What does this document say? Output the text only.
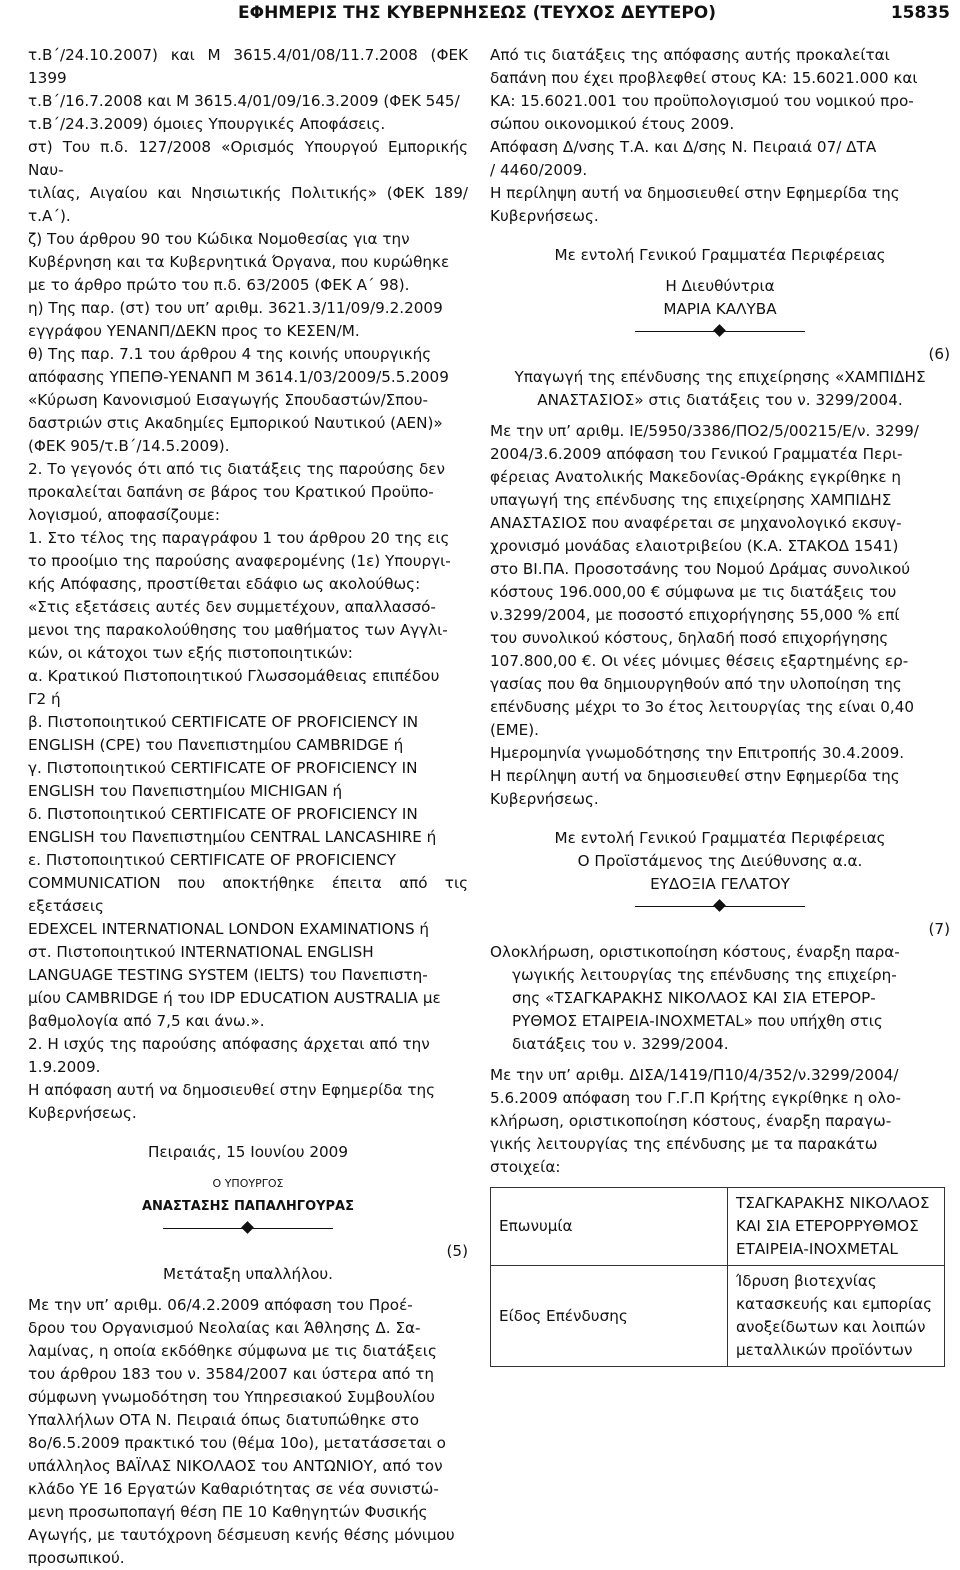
ΕΦΗΜΕΡΙΣ ΤΗΣ ΚΥΒΕΡΝΗΣΕΩΣ (ΤΕΥΧΟΣ ΔΕΥΤΕΡΟ)	15835

τ.Β΄/24.10.2007) και Μ 3615.4/01/08/11.7.2008 (ΦΕΚ 1399

τ.Β΄/16.7.2008 και Μ 3615.4/01/09/16.3.2009 (ΦΕΚ 545/

τ.Β΄/24.3.2009) όμοιες Υπουργικές Αποφάσεις.

στ) Του π.δ. 127/2008 «Ορισμός Υπουργού Εμπορικής Ναυ-

τιλίας, Αιγαίου και Νησιωτικής Πολιτικής» (ΦΕΚ 189/τ.Α΄).

ζ) Του άρθρου 90 του Κώδικα Νομοθεσίας για την

Κυβέρνηση και τα Κυβερνητικά Όργανα, που κυρώθηκε

με το άρθρο πρώτο του π.δ. 63/2005 (ΦΕΚ Α΄ 98).

η) Της παρ. (στ) του υπ’ αριθμ. 3621.3/11/09/9.2.2009

εγγράφου ΥΕΝΑΝΠ/ΔΕΚΝ προς το ΚΕΣΕΝ/Μ.

θ) Της παρ. 7.1 του άρθρου 4 της κοινής υπουργικής

απόφασης ΥΠΕΠΘ-ΥΕΝΑΝΠ Μ 3614.1/03/2009/5.5.2009

«Κύρωση Κανονισμού Εισαγωγής Σπουδαστών/Σπου-

δαστριών στις Ακαδημίες Εμπορικού Ναυτικού (ΑΕΝ)»

(ΦΕΚ 905/τ.Β΄/14.5.2009).

2. Το γεγονός ότι από τις διατάξεις της παρούσης δεν

προκαλείται δαπάνη σε βάρος του Κρατικού Προϋπο-

λογισμού, αποφασίζουμε:

1. Στο τέλος της παραγράφου 1 του άρθρου 20 της εις

το προοίμιο της παρούσης αναφερομένης (1ε) Υπουργι-

κής Απόφασης, προστίθεται εδάφιο ως ακολούθως:

«Στις εξετάσεις αυτές δεν συμμετέχουν, απαλλασσό-

μενοι της παρακολούθησης του μαθήματος των Αγγλι-

κών, οι κάτοχοι των εξής πιστοποιητικών:

α. Κρατικού Πιστοποιητικού Γλωσσομάθειας επιπέδου

Γ2 ή

β. Πιστοποιητικού CERTIFICATE OF PROFICIENCY IN

ENGLISH (CPE) του Πανεπιστημίου CAMBRIDGE ή

γ. Πιστοποιητικού CERTIFICATE OF PROFICIENCY IN

ENGLISH του Πανεπιστημίου MICHIGAN ή

δ. Πιστοποιητικού CERTIFICATE OF PROFICIENCY IN

ENGLISH του Πανεπιστημίου CENTRAL LANCASHIRE ή

ε. Πιστοποιητικού CERTIFICATE OF PROFICIENCY

COMMUNICATION που αποκτήθηκε έπειτα από τις εξετάσεις

EDEXCEL INTERNATIONAL LONDON EXAMINATIONS ή

στ. Πιστοποιητικού INTERNATIONAL ENGLISH

LANGUAGE TESTING SYSTEM (IELTS) του Πανεπιστη-

μίου CAMBRIDGE ή του IDP EDUCATION AUSTRALIA με

βαθμολογία από 7,5 και άνω.».

2. Η ισχύς της παρούσης απόφασης άρχεται από την

1.9.2009.

Η απόφαση αυτή να δημοσιευθεί στην Εφημερίδα της

Κυβερνήσεως.

Πειραιάς, 15 Ιουνίου 2009

Ο ΥΠΟΥΡΓΟΣ

ΑΝΑΣΤΑΣΗΣ ΠΑΠΑΛΗΓΟΥΡΑΣ

(5)

Μετάταξη υπαλλήλου.

Με την υπ’ αριθμ. 06/4.2.2009 απόφαση του Προέ-

δρου του Οργανισμού Νεολαίας και Άθλησης Δ. Σα-

λαμίνας, η οποία εκδόθηκε σύμφωνα με τις διατάξεις

του άρθρου 183 του ν. 3584/2007 και ύστερα από τη

σύμφωνη γνωμοδότηση του Υπηρεσιακού Συμβουλίου

Υπαλλήλων ΟΤΑ Ν. Πειραιά όπως διατυπώθηκε στο

8ο/6.5.2009 πρακτικό του (θέμα 10ο), μετατάσσεται ο

υπάλληλος ΒΑΪΛΑΣ ΝΙΚΟΛΑΟΣ του ΑΝΤΩΝΙΟΥ, από τον

κλάδο ΥΕ 16 Εργατών Καθαριότητας σε νέα συνιστώ-

μενη προσωποπαγή θέση ΠΕ 10 Καθηγητών Φυσικής

Αγωγής, με ταυτόχρονη δέσμευση κενής θέσης μόνιμου

προσωπικού.

Από τις διατάξεις της απόφασης αυτής προκαλείται

δαπάνη που έχει προβλεφθεί στους ΚΑ: 15.6021.000 και

ΚΑ: 15.6021.001 του προϋπολογισμού του νομικού προ-

σώπου οικονομικού έτους 2009.

Απόφαση Δ/νσης Τ.Α. και Δ/σης Ν. Πειραιά 07/ ΔΤΑ

/ 4460/2009.

Η περίληψη αυτή να δημοσιευθεί στην Εφημερίδα της

Κυβερνήσεως.

Με εντολή Γενικού Γραμματέα Περιφέρειας

Η Διευθύντρια

ΜΑΡΙΑ ΚΑΛΥΒΑ

(6)

Υπαγωγή της επένδυσης της επιχείρησης «ΧΑΜΠΙΔΗΣ

ΑΝΑΣΤΑΣΙΟΣ» στις διατάξεις του ν. 3299/2004.

Με την υπ’ αριθμ. ΙΕ/5950/3386/ΠΟ2/5/00215/Ε/ν. 3299/

2004/3.6.2009 απόφαση του Γενικού Γραμματέα Περι-

φέρειας Ανατολικής Μακεδονίας-Θράκης εγκρίθηκε η

υπαγωγή της επένδυσης της επιχείρησης ΧΑΜΠΙΔΗΣ

ΑΝΑΣΤΑΣΙΟΣ που αναφέρεται σε μηχανολογικό εκσυγ-

χρονισμό μονάδας ελαιοτριβείου (Κ.Α. ΣΤΑΚΟΔ 1541)

στο ΒΙ.ΠΑ. Προσοτσάνης του Νομού Δράμας συνολικού

κόστους 196.000,00 € σύμφωνα με τις διατάξεις του

ν.3299/2004, με ποσοστό επιχορήγησης 55,000 % επί

του συνολικού κόστους, δηλαδή ποσό επιχορήγησης

107.800,00 €. Οι νέες μόνιμες θέσεις εξαρτημένης ερ-

γασίας που θα δημιουργηθούν από την υλοποίηση της

επένδυσης μέχρι το 3ο έτος λειτουργίας της είναι 0,40

(ΕΜΕ).

Ημερομηνία γνωμοδότησης την Επιτροπής 30.4.2009.

Η περίληψη αυτή να δημοσιευθεί στην Εφημερίδα της

Κυβερνήσεως.

Με εντολή Γενικού Γραμματέα Περιφέρειας

Ο Προϊστάμενος της Διεύθυνσης α.α.

ΕΥΔΟΞΙΑ ΓΕΛΑΤΟΥ

(7)

Ολοκλήρωση, οριστικοποίηση κόστους, έναρξη παρα-

γωγικής λειτουργίας της επένδυσης της επιχείρη-

σης «ΤΣΑΓΚΑΡΑΚΗΣ ΝΙΚΟΛΑΟΣ ΚΑΙ ΣΙΑ ΕΤΕΡΟΡ-

ΡΥΘΜΟΣ ΕΤΑΙΡΕΙΑ-ΙΝΟΧΜΕΤΑL» που υπήχθη στις

διατάξεις του ν. 3299/2004.

Με την υπ’ αριθμ. ΔΙΣΑ/1419/Π10/4/352/ν.3299/2004/

5.6.2009 απόφαση του Γ.Γ.Π Κρήτης εγκρίθηκε η ολο-

κλήρωση, οριστικοποίηση κόστους, έναρξη παραγω-

γικής λειτουργίας της επένδυσης με τα παρακάτω

στοιχεία:

Επωνυμία	ΤΣΑΓΚΑΡΑΚΗΣ ΝΙΚΟΛΑΟΣ ΚΑΙ ΣΙΑ ΕΤΕΡΟΡΡΥΘΜΟΣ ΕΤΑΙΡΕΙΑ-ΙΝΟΧΜΕΤΑL
Είδος Επένδυσης	Ίδρυση βιοτεχνίας κατασκευής και εμπορίας ανοξείδωτων και λοιπών μεταλλικών προϊόντων
